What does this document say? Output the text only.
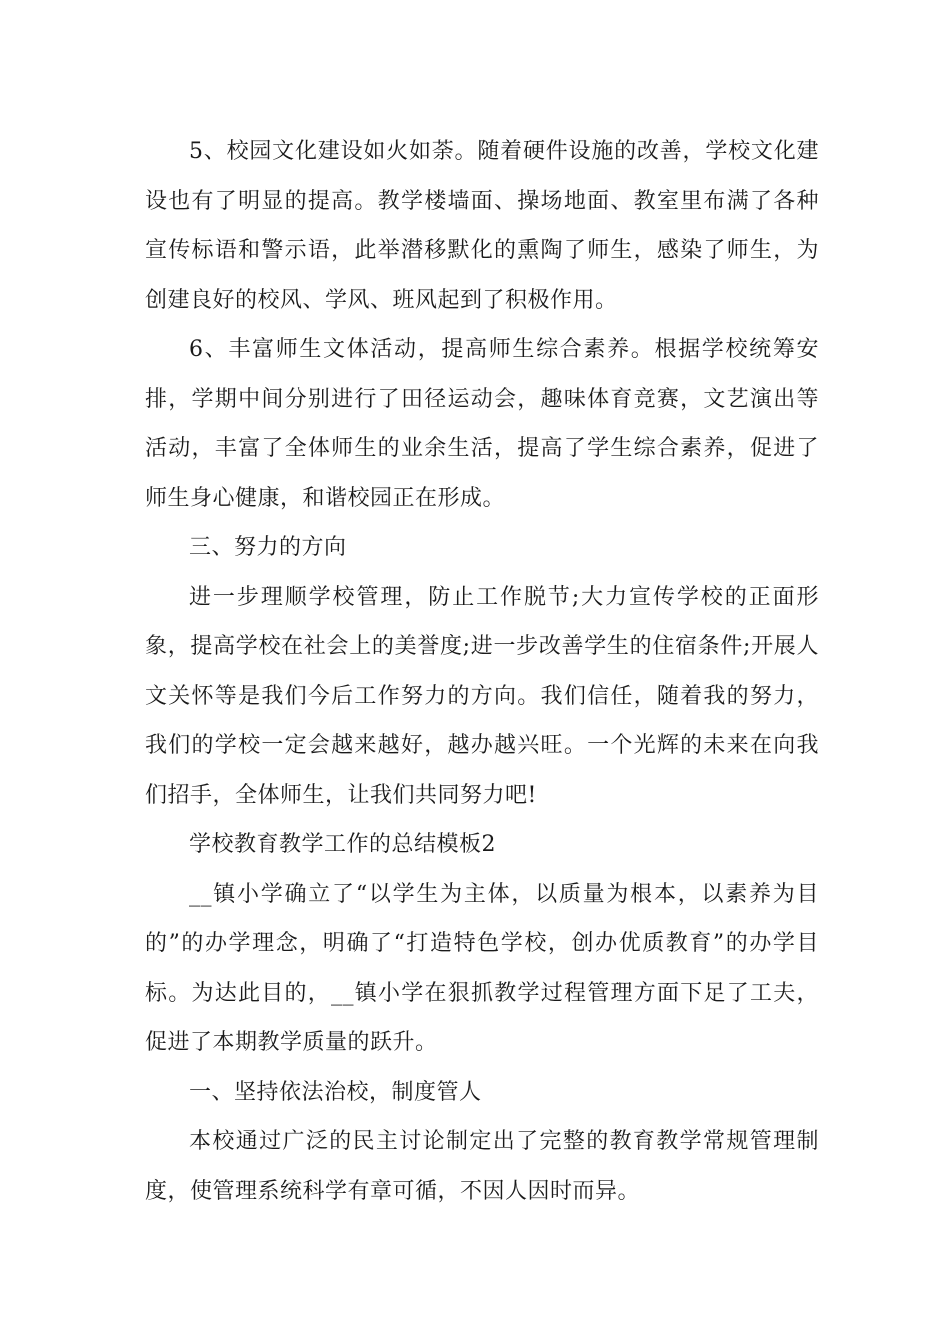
5、校园文化建设如火如荼。随着硬件设施的改善，学校文化建设也有了明显的提高。教学楼墙面、操场地面、教室里布满了各种宣传标语和警示语，此举潜移默化的熏陶了师生，感染了师生，为创建良好的校风、学风、班风起到了积极作用。

6、丰富师生文体活动，提高师生综合素养。根据学校统筹安排，学期中间分别进行了田径运动会，趣味体育竞赛，文艺演出等活动，丰富了全体师生的业余生活，提高了学生综合素养，促进了师生身心健康，和谐校园正在形成。

三、努力的方向

进一步理顺学校管理，防止工作脱节;大力宣传学校的正面形象，提高学校在社会上的美誉度;进一步改善学生的住宿条件;开展人文关怀等是我们今后工作努力的方向。我们信任，随着我的努力，我们的学校一定会越来越好，越办越兴旺。一个光辉的未来在向我们招手，全体师生，让我们共同努力吧!

学校教育教学工作的总结模板2

__镇小学确立了“以学生为主体，以质量为根本，以素养为目的”的办学理念，明确了“打造特色学校，创办优质教育”的办学目标。为达此目的，__镇小学在狠抓教学过程管理方面下足了工夫，促进了本期教学质量的跃升。

一、坚持依法治校，制度管人

本校通过广泛的民主讨论制定出了完整的教育教学常规管理制度，使管理系统科学有章可循，不因人因时而异。
